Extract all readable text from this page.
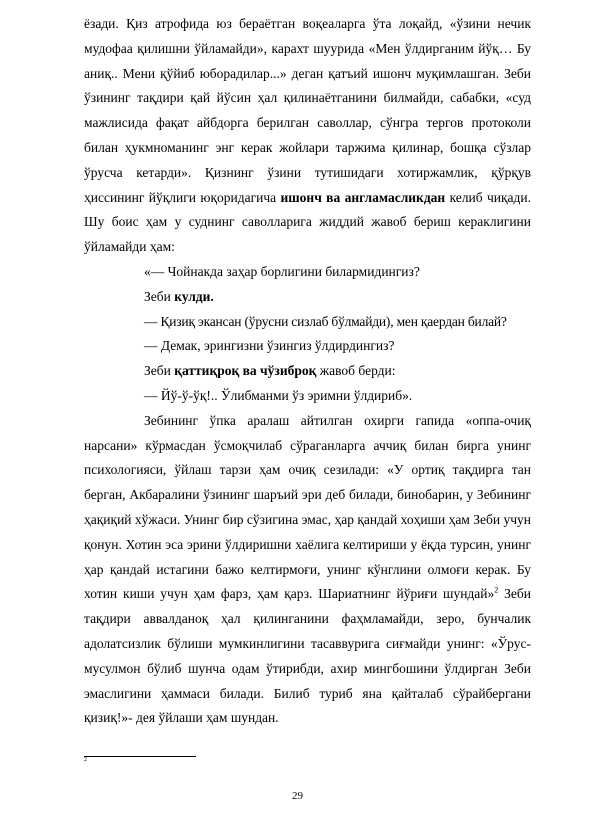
ёзади. Қиз атрофида юз бераётган воқеаларга ўта лоқайд, «ўзини нечик мудофаа қилишни ўйламайди», карахт шуурида «Мен ўлдирганим йўқ… Бу аниқ.. Мени қўйиб юборадилар...» деган қатъий ишонч муқимлашган. Зеби ўзининг тақдири қай йўсин ҳал қилинаётганини билмайди, сабабки, «суд мажлисида фақат айбдорга берилган саволлар, сўнгра тергов протоколи билан ҳукмноманинг энг керак жойлари таржима қилинар, бошқа сўзлар ўрусча кетарди». Қизнинг ўзини тутишидаги хотиржамлик, қўрқув ҳиссининг йўқлиги юқоридагича ишонч ва англамасликдан келиб чиқади. Шу боис ҳам у суднинг саволларига жиддий жавоб бериш кераклигини ўйламайди ҳам:

«— Чойнакда заҳар борлигини билармидингиз?

Зеби кулди.

— Қизиқ экансан (ўрусни сизлаб бўлмайди), мен қаердан билай?

— Демак, эрингизни ўзингиз ўлдирдингиз?

Зеби қаттиқроқ ва чўзиброқ жавоб берди:

— Йў-ў-ўқ!.. Ўлибманми ўз эримни ўлдириб».

Зебининг ўпка аралаш айтилган охирги гапида «оппа-очиқ нарсани» кўрмасдан ўсмоқчилаб сўраганларга аччиқ билан бирга унинг психологияси, ўйлаш тарзи ҳам очиқ сезилади: «У ортиқ тақдирга тан берган, Акбаралини ўзининг шаръий эри деб билади, бинобарин, у Зебининг ҳақиқий хўжаси. Унинг бир сўзигина эмас, ҳар қандай хоҳиши ҳам Зеби учун қонун. Хотин эса эрини ўлдиришни хаёлига келтириши у ёқда турсин, унинг ҳар қандай истагини бажо келтирмоғи, унинг кўнглини олмоғи керак. Бу хотин киши учун ҳам фарз, ҳам қарз. Шариатнинг йўриғи шундай»$^2$ Зеби тақдири аввалданоқ ҳал қилинганини фаҳмламайди, зеро, бунчалик адолатсизлик бўлиши мумкинлигини тасаввурига сиғмайди унинг: «Ўрус-мусулмон бўлиб шунча одам ўтирибди, ахир мингбошини ўлдирган Зеби эмаслигини ҳаммаси билади. Билиб туриб яна қайталаб сўрайбергани қизиқ!»- дея ўйлаши ҳам шундан.

2
29
